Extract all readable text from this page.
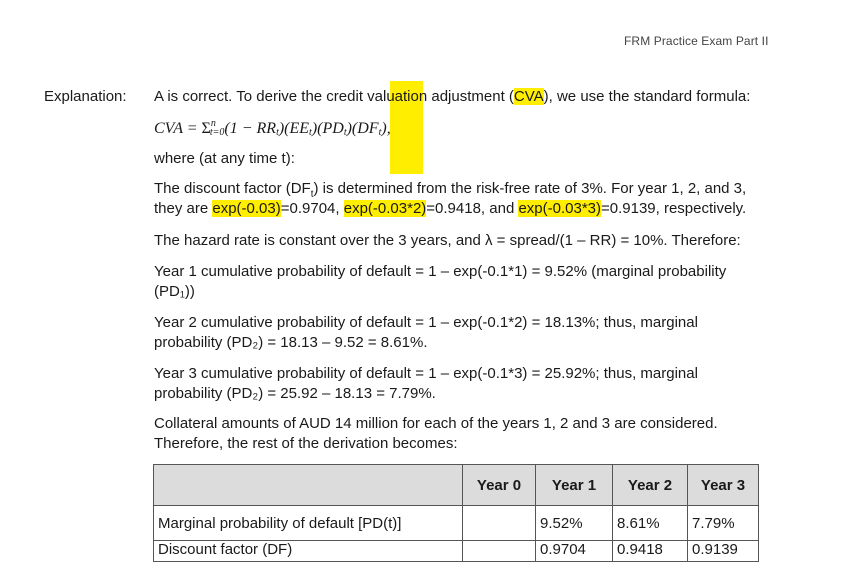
FRM Practice Exam Part II
Explanation: A is correct. To derive the credit valuation adjustment (CVA), we use the standard formula:
CVA = $\Sigma^n_{t=0}(1 - RR_t)(EE_t)(PD_t)(DF_t)$,
where (at any time t):
The discount factor $(DF_t)$ is determined from the risk-free rate of 3%. For year 1, 2, and 3,
they are exp(-0.03)=0.9704, exp(-0.03*2)=0.9418, and exp(-0.03*3)=0.9139, respectively.
The hazard rate is constant over the 3 years, and λ = spread/(1 – RR) = 10%. Therefore:
Year 1 cumulative probability of default = 1 – exp(-0.1*1) = 9.52% (marginal probability
(PD₁))
Year 2 cumulative probability of default = 1 – exp(-0.1*2) = 18.13%; thus, marginal
probability (PD₂) = 18.13 – 9.52 = 8.61%.
Year 3 cumulative probability of default = 1 – exp(-0.1*3) = 25.92%; thus, marginal
probability (PD₂) = 25.92 – 18.13 = 7.79%.
Collateral amounts of AUD 14 million for each of the years 1, 2 and 3 are considered.
Therefore, the rest of the derivation becomes:
	Year 0	Year 1	Year 2	Year 3
Marginal probability of default [PD(t)]		9.52%	8.61%	7.79%
Discount factor (DF)		0.9704	0.9418	0.9139
